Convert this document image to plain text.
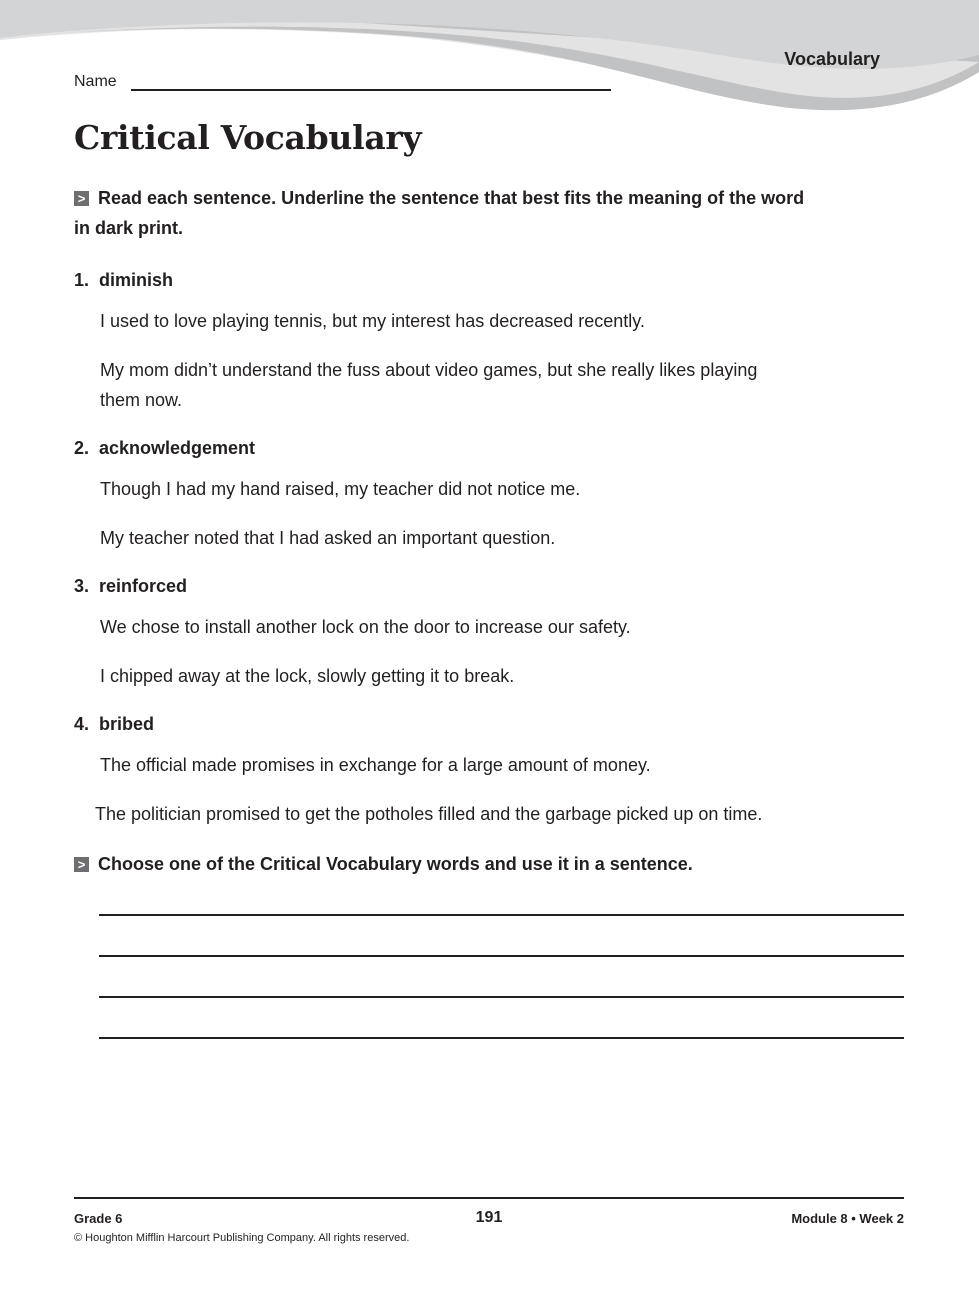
Vocabulary
Name
Critical Vocabulary
> Read each sentence. Underline the sentence that best fits the meaning of the word in dark print.
1. diminish
I used to love playing tennis, but my interest has decreased recently.
My mom didn’t understand the fuss about video games, but she really likes playing them now.
2. acknowledgement
Though I had my hand raised, my teacher did not notice me.
My teacher noted that I had asked an important question.
3. reinforced
We chose to install another lock on the door to increase our safety.
I chipped away at the lock, slowly getting it to break.
4. bribed
The official made promises in exchange for a large amount of money.
The politician promised to get the potholes filled and the garbage picked up on time.
> Choose one of the Critical Vocabulary words and use it in a sentence.
Grade 6	191	Module 8 • Week 2
© Houghton Mifflin Harcourt Publishing Company. All rights reserved.
